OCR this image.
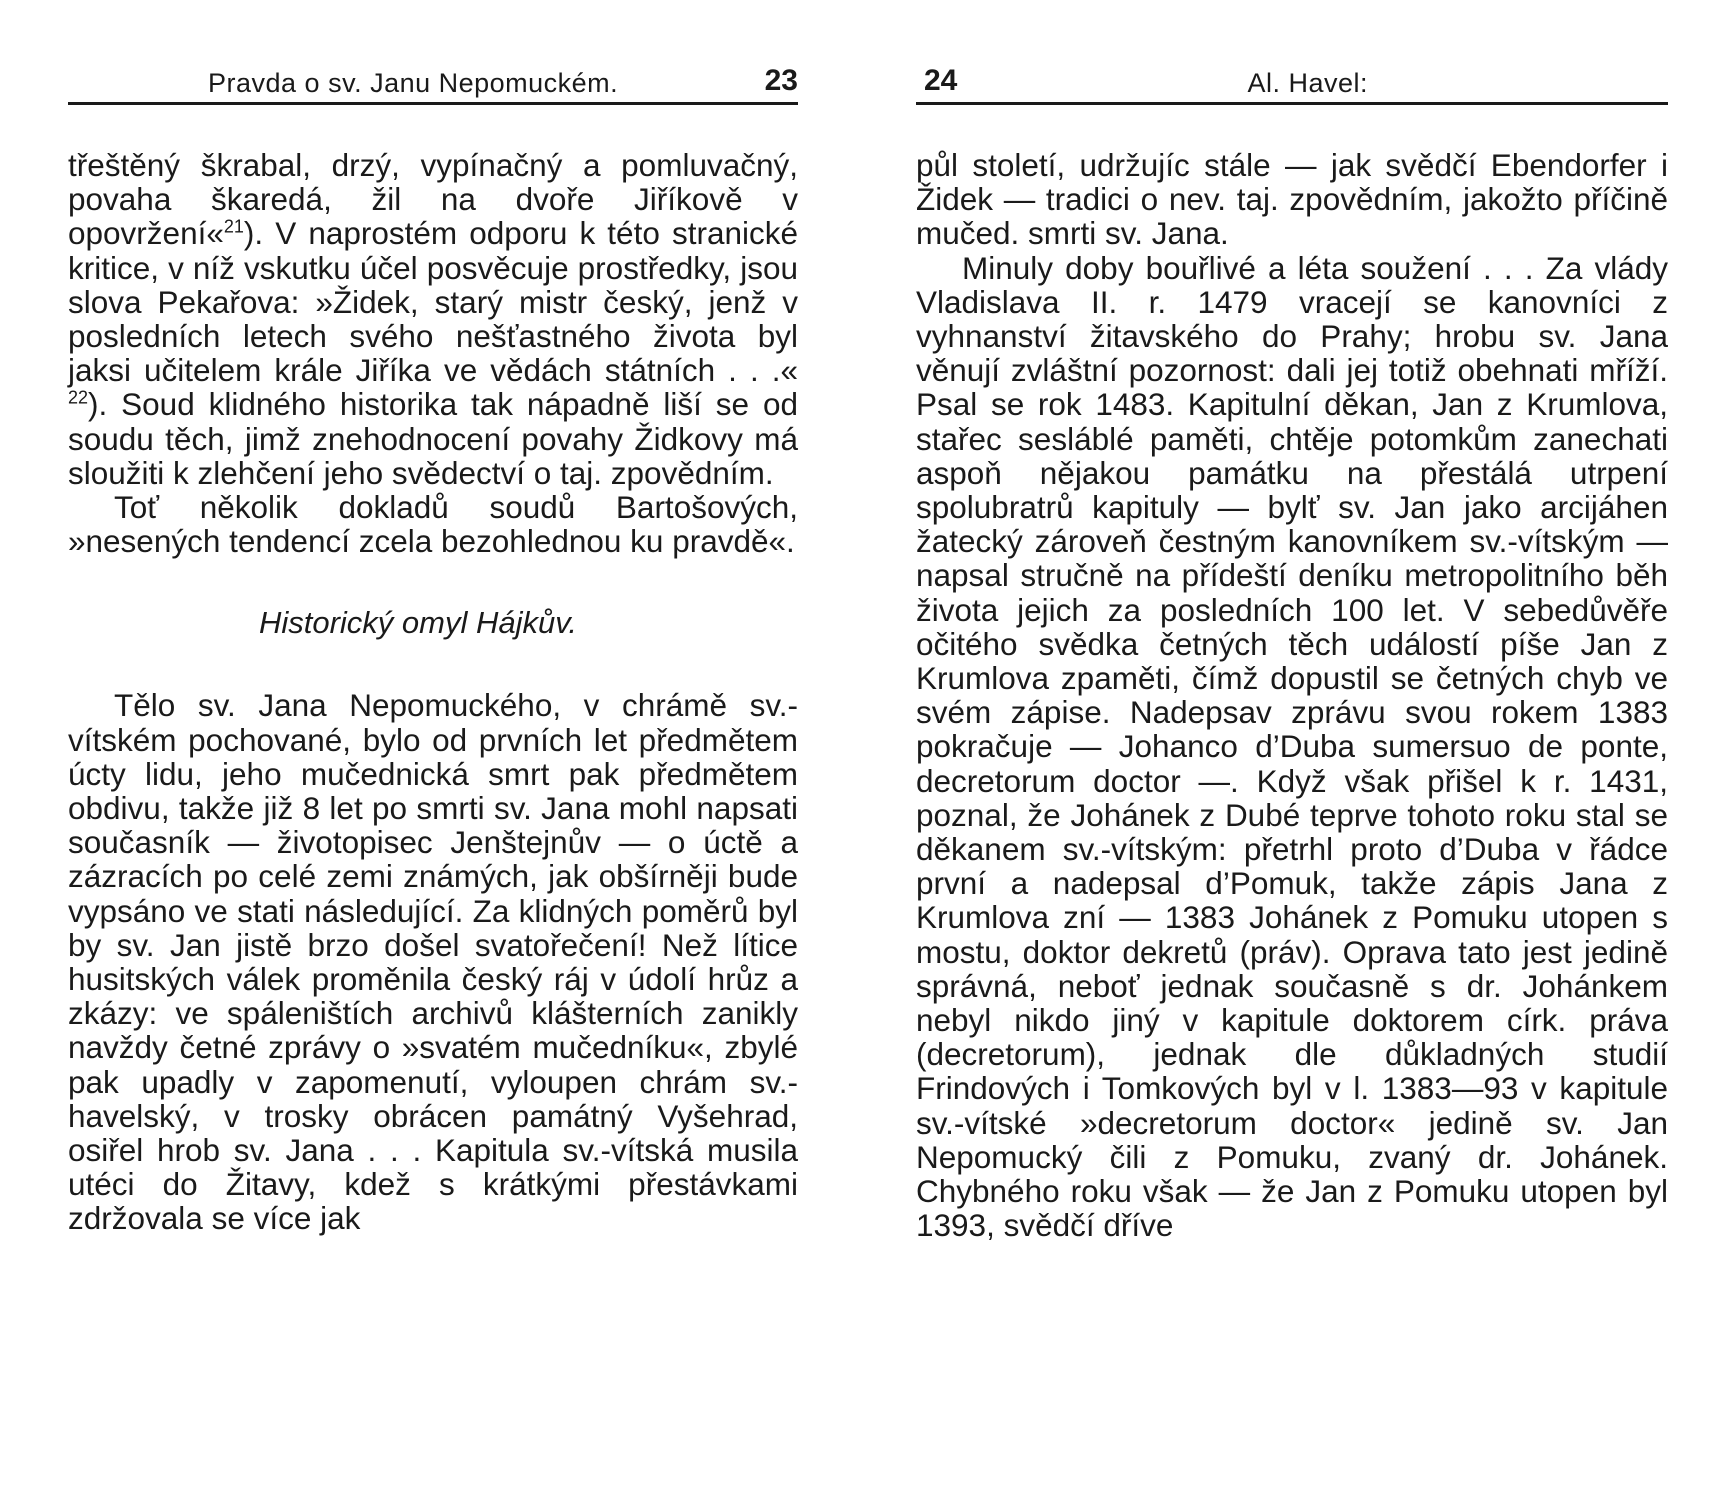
Pravda o sv. Janu Nepomuckém.	23

třeštěný škrabal, drzý, vypínačný a pomluvačný, povaha škaredá, žil na dvoře Jiříkově v opovržení«$^{21}$). V naprostém odporu k této stranické kritice, v níž vskutku účel posvěcuje prostředky, jsou slova Pekařova: »Židek, starý mistr český, jenž v posledních letech svého nešťastného života byl jaksi učitelem krále Jiříka ve vědách státních . . .« $^{22}$). Soud klidného historika tak nápadně liší se od soudu těch, jimž znehodnocení povahy Židkovy má sloužiti k zlehčení jeho svědectví o taj. zpovědním.

Toť několik dokladů soudů Bartošových, »nesených tendencí zcela bezohlednou ku pravdě«.

Historický omyl Hájkův.

Tělo sv. Jana Nepomuckého, v chrámě sv.-vítském pochované, bylo od prvních let předmětem úcty lidu, jeho mučednická smrt pak předmětem obdivu, takže již 8 let po smrti sv. Jana mohl napsati současník — životopisec Jenštejnův — o úctě a zázracích po celé zemi známých, jak obšírněji bude vypsáno ve stati následující. Za klidných poměrů byl by sv. Jan jistě brzo došel svatořečení! Než lítice husitských válek proměnila český ráj v údolí hrůz a zkázy: ve spáleništích archivů klášterních zanikly navždy četné zprávy o »svatém mučedníku«, zbylé pak upadly v zapomenutí, vyloupen chrám sv.-havelský, v trosky obrácen památný Vyšehrad, osiřel hrob sv. Jana . . . Kapitula sv.-vítská musila utéci do Žitavy, kdež s krátkými přestávkami zdržovala se více jak

24	Al. Havel:

půl století, udržujíc stále — jak svědčí Ebendorfer i Židek — tradici o nev. taj. zpovědním, jakožto příčině mučed. smrti sv. Jana.

Minuly doby bouřlivé a léta soužení . . . Za vlády Vladislava II. r. 1479 vracejí se kanovníci z vyhnanství žitavského do Prahy; hrobu sv. Jana věnují zvláštní pozornost: dali jej totiž obehnati mříží. Psal se rok 1483. Kapitulní děkan, Jan z Krumlova, stařec sesláblé paměti, chtěje potomkům zanechati aspoň nějakou památku na přestálá utrpení spolubratrů kapituly — bylť sv. Jan jako arcijáhen žatecký zároveň čestným kanovníkem sv.-vítským — napsal stručně na přídeští deníku metropolitního běh života jejich za posledních 100 let. V sebedůvěře očitého svědka četných těch událostí píše Jan z Krumlova zpaměti, čímž dopustil se četných chyb ve svém zápise. Nadepsav zprávu svou rokem 1383 pokračuje — Johanco d’Duba sumersuo de ponte, decretorum doctor —. Když však přišel k r. 1431, poznal, že Johánek z Dubé teprve tohoto roku stal se děkanem sv.-vítským: přetrhl proto d’Duba v řádce první a nadepsal d’Pomuk, takže zápis Jana z Krumlova zní — 1383 Johánek z Pomuku utopen s mostu, doktor dekretů (práv). Oprava tato jest jedině správná, neboť jednak současně s dr. Johánkem nebyl nikdo jiný v kapitule doktorem círk. práva (decretorum), jednak dle důkladných studií Frindových i Tomkových byl v l. 1383—93 v kapitule sv.-vítské »decretorum doctor« jedině sv. Jan Nepomucký čili z Pomuku, zvaný dr. Johánek. Chybného roku však — že Jan z Pomuku utopen byl 1393, svědčí dříve
